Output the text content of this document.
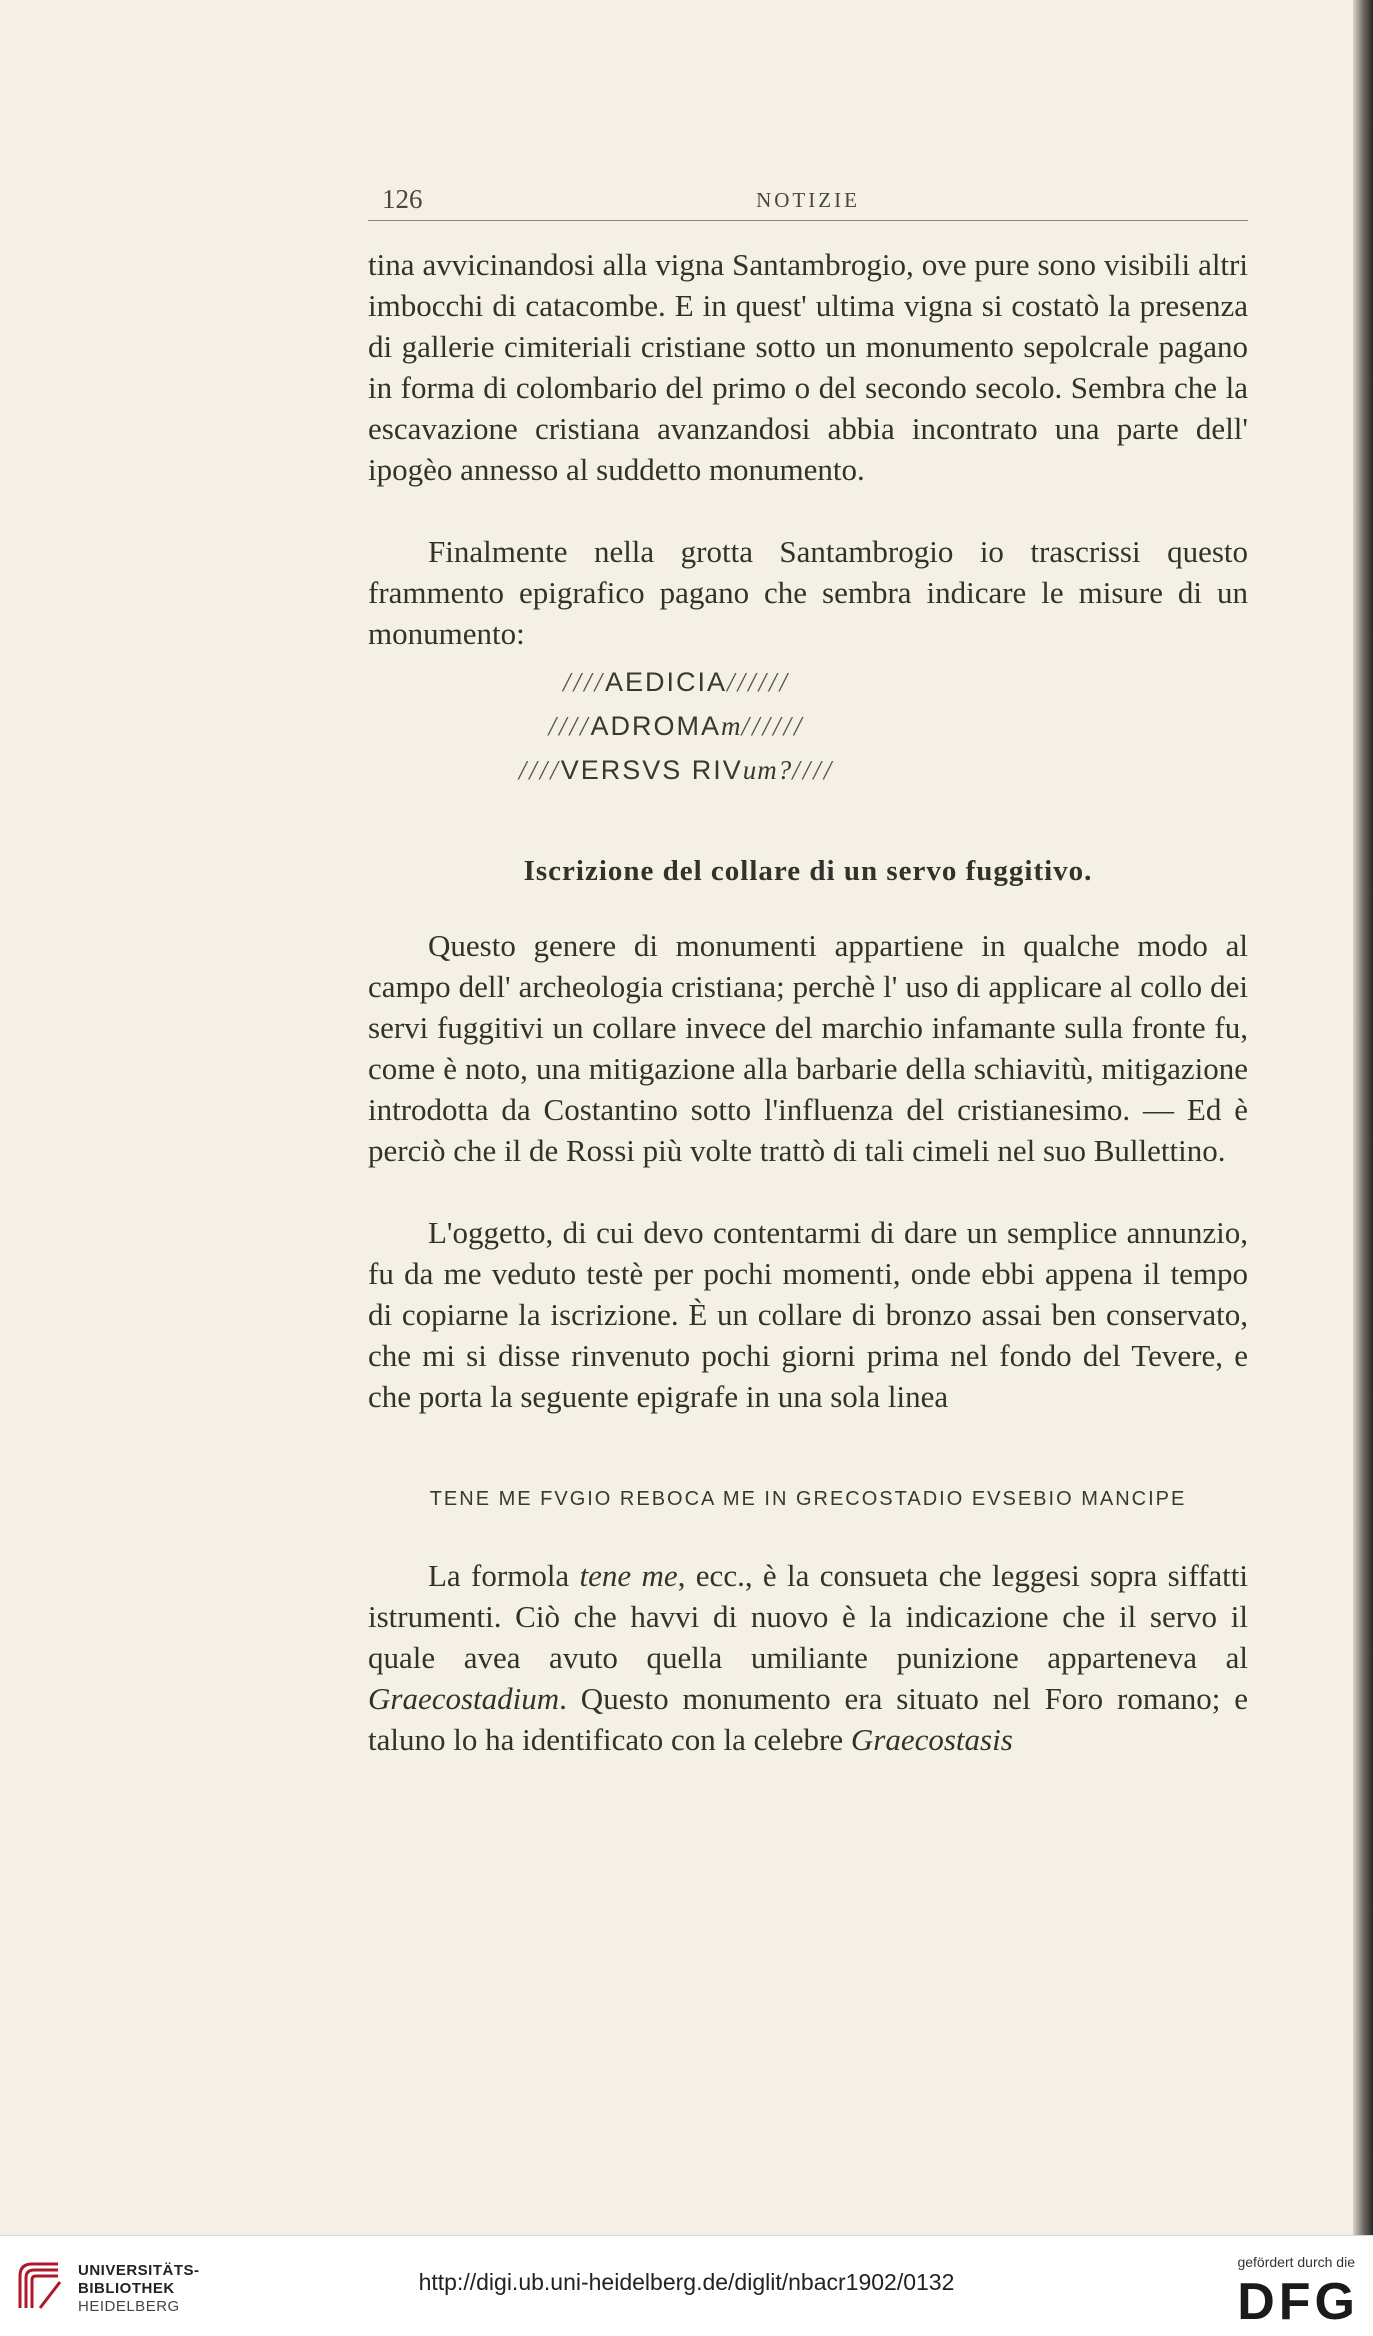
126	NOTIZIE

tina avvicinandosi alla vigna Santambrogio, ove pure sono visibili altri imbocchi di catacombe. E in quest' ultima vigna si costatò la presenza di gallerie cimiteriali cristiane sotto un monumento sepolcrale pagano in forma di colombario del primo o del secondo secolo. Sembra che la escavazione cristiana avanzandosi abbia incontrato una parte dell' ipogèo annesso al suddetto monumento.

Finalmente nella grotta Santambrogio io trascrissi questo frammento epigrafico pagano che sembra indicare le misure di un monumento:

////AEDICIA//////
////ADROMAm//////
////VERSVS RIVum?////
Iscrizione del collare di un servo fuggitivo.

Questo genere di monumenti appartiene in qualche modo al campo dell' archeologia cristiana; perchè l' uso di applicare al collo dei servi fuggitivi un collare invece del marchio infamante sulla fronte fu, come è noto, una mitigazione alla barbarie della schiavitù, mitigazione introdotta da Costantino sotto l'influenza del cristianesimo. — Ed è perciò che il de Rossi più volte trattò di tali cimeli nel suo Bullettino.

L'oggetto, di cui devo contentarmi di dare un semplice annunzio, fu da me veduto testè per pochi momenti, onde ebbi appena il tempo di copiarne la iscrizione. È un collare di bronzo assai ben conservato, che mi si disse rinvenuto pochi giorni prima nel fondo del Tevere, e che porta la seguente epigrafe in una sola linea

TENE ME FVGIO REBOCA ME IN GRECOSTADIO EVSEBIO MANCIPE

La formola tene me, ecc., è la consueta che leggesi sopra siffatti istrumenti. Ciò che havvi di nuovo è la indicazione che il servo il quale avea avuto quella umiliante punizione apparteneva al Graecostadium. Questo monumento era situato nel Foro romano; e taluno lo ha identificato con la celebre Graecostasis

UNIVERSITÄTS-
BIBLIOTHEK
HEIDELBERG
http://digi.ub.uni-heidelberg.de/diglit/nbacr1902/0132
gefördert durch die
DFG
